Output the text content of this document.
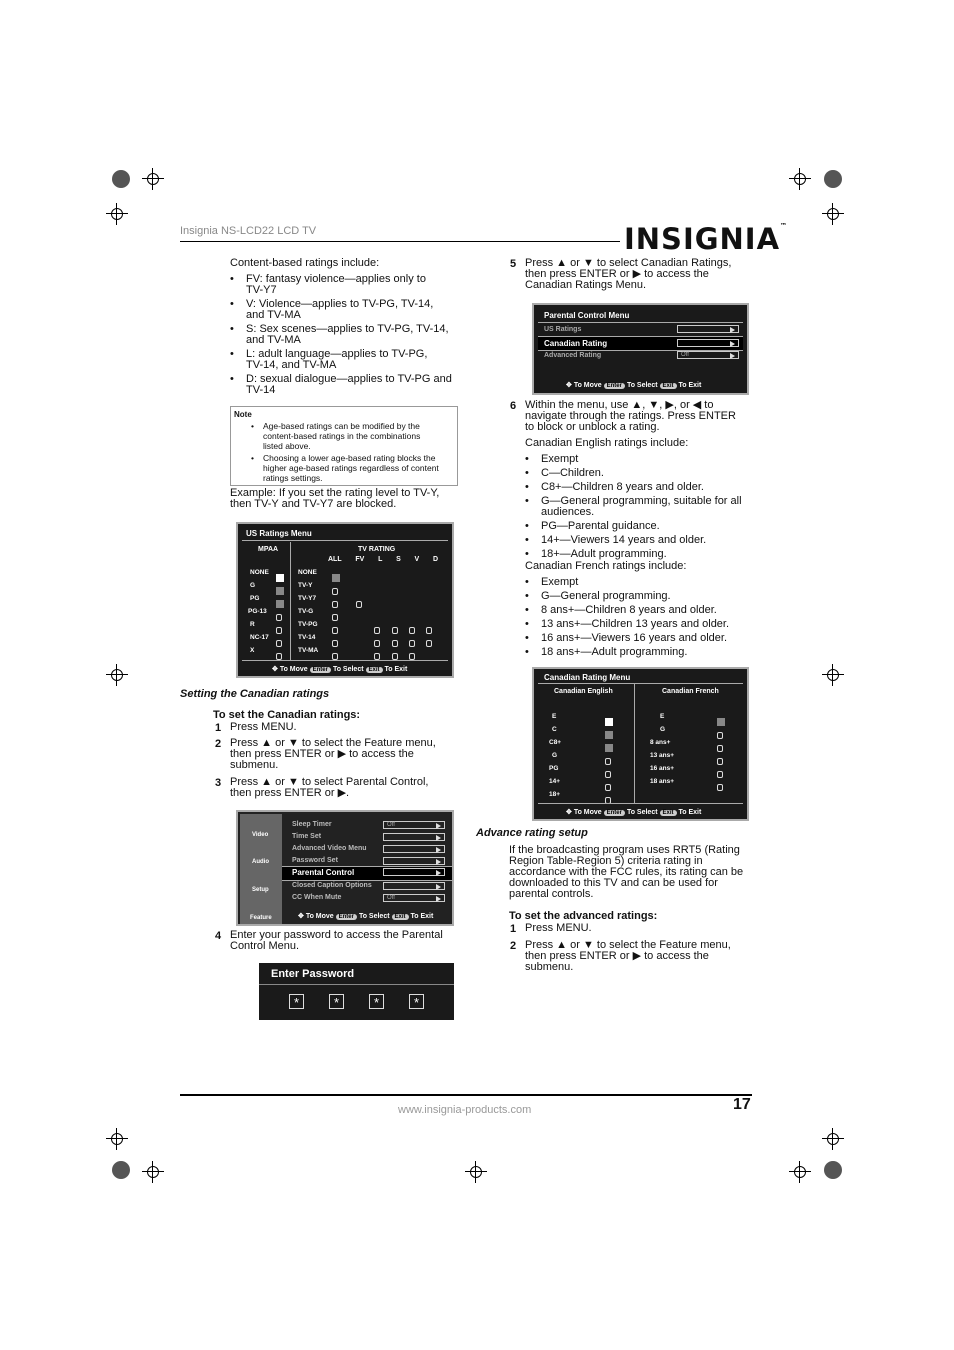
Insignia NS-LCD22 LCD TV	INSIGNIA™
Content-based ratings include:
• FV: fantasy violence—applies only to
TV-Y7
• V: Violence—applies to TV-PG, TV-14,
and TV-MA
• S: Sex scenes—applies to TV-PG, TV-14,
and TV-MA
• L: adult language—applies to TV-PG,
TV-14, and TV-MA
• D: sexual dialogue—applies to TV-PG and
TV-14
Note
• Age-based ratings can be modified by the
content-based ratings in the combinations
listed above.
• Choosing a lower age-based rating blocks the
higher age-based ratings regardless of content
ratings settings.
Example: If you set the rating level to TV-Y,
then TV-Y and TV-Y7 are blocked.
US Ratings Menu
MPAA	TV RATING
ALL FV L S V D
NONE
G
PG
PG-13
R
NC-17
X
NONE
TV-Y
TV-Y7
TV-G
TV-PG
TV-14
TV-MA
✥ To Move Enter To Select Exit To Exit
Setting the Canadian ratings
To set the Canadian ratings:
1 Press MENU.
2 Press ▲ or ▼ to select the Feature menu,
then press ENTER or ▶ to access the
submenu.
3 Press ▲ or ▼ to select Parental Control,
then press ENTER or ▶.
Video
Audio
Setup
Feature
Sleep Timer	Off
Time Set
Advanced Video Menu
Password Set
Parental Control
Closed Caption Options
CC When Mute	Off
✥ To Move Enter To Select Exit To Exit
4 Enter your password to access the Parental
Control Menu.
Enter Password
*	*	*	*
5 Press ▲ or ▼ to select Canadian Ratings,
then press ENTER or ▶ to access the
Canadian Ratings Menu.
Parental Control Menu
US Ratings
Canadian Rating
Advanced Rating	Off
✥ To Move Enter To Select Exit To Exit
6 Within the menu, use ▲, ▼, ▶, or ◀ to
navigate through the ratings. Press ENTER
to block or unblock a rating.
Canadian English ratings include:
• Exempt
• C—Children.
• C8+—Children 8 years and older.
• G—General programming, suitable for all
audiences.
• PG—Parental guidance.
• 14+—Viewers 14 years and older.
• 18+—Adult programming.
Canadian French ratings include:
• Exempt
• G—General programming.
• 8 ans+—Children 8 years and older.
• 13 ans+—Children 13 years and older.
• 16 ans+—Viewers 16 years and older.
• 18 ans+—Adult programming.
Canadian Rating Menu
Canadian English	Canadian French
E
C
C8+
G
PG
14+
18+
E
G
8 ans+
13 ans+
16 ans+
18 ans+
✥ To Move Enter To Select Exit To Exit
Advance rating setup
If the broadcasting program uses RRT5 (Rating
Region Table-Region 5) criteria rating in
accordance with the FCC rules, its rating can be
downloaded to this TV and can be used for
parental controls.
To set the advanced ratings:
1 Press MENU.
2 Press ▲ or ▼ to select the Feature menu,
then press ENTER or ▶ to access the
submenu.
www.insignia-products.com	17
